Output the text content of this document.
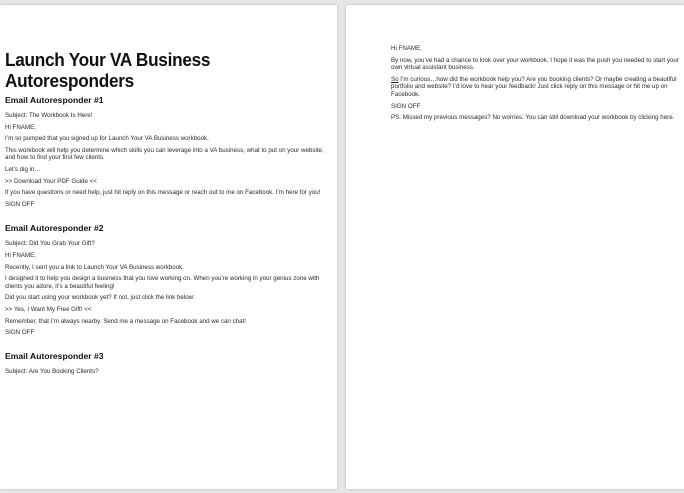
Launch Your VA Business
Autoresponders
Email Autoresponder #1

Subject: The Workbook Is Here!

Hi FNAME,

I’m so pumped that you signed up for Launch Your VA Business workbook.

This workbook will help you determine which skills you can leverage into a VA business, what to put on your website, and how to find your first few clients.

Let’s dig in…

>> Download Your PDF Guide <<

If you have questions or need help, just hit reply on this message or reach out to me on Facebook. I’m here for you!

SIGN OFF

Email Autoresponder #2

Subject: Did You Grab Your Gift?

Hi FNAME,

Recently, I sent you a link to Launch Your VA Business workbook.

I designed it to help you design a business that you love working on. When you’re working in your genius zone with clients you adore, it’s a beautiful feeling!

Did you start using your workbook yet? If not, just click the link below:

>> Yes, I Want My Free Gift! <<

Remember, that I’m always nearby. Send me a message on Facebook and we can chat!

SIGN OFF

Email Autoresponder #3

Subject: Are You Booking Clients?

Hi FNAME,

By now, you’ve had a chance to look over your workbook. I hope it was the push you needed to start your own virtual assistant business.

So I’m curious…how did the workbook help you? Are you booking clients? Or maybe creating a beautiful portfolio and website? I’d love to hear your feedback! Just click reply on this message or hit me up on Facebook.

SIGN OFF

PS: Missed my previous messages? No worries. You can still download your workbook by clicking here.
